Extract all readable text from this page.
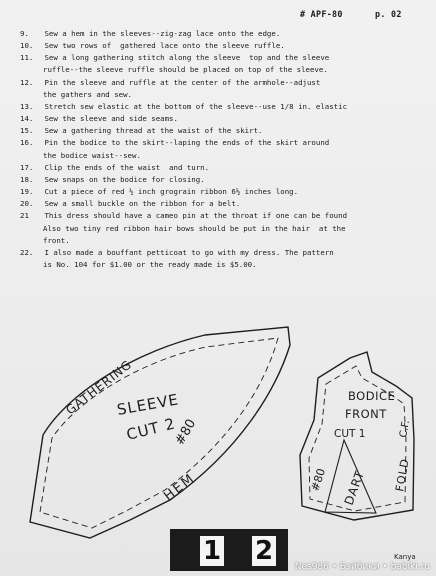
# APF-80	p. 02
9. Sew a hem in the sleeves--zig-zag lace onto the edge.
10. Sew two rows of  gathered lace onto the sleeve ruffle.
11. Sew a long gathering stitch along the sleeve  top and the sleeve
ruffle--the sleeve ruffle should be placed on top of the sleeve.
12. Pin the sleeve and ruffle at the center of the armhole--adjust
the gathers and sew.
13. Stretch sew elastic at the bottom of the sleeve--use 1/8 in. elastic
14. Sew the sleeve and side seams.
15. Sew a gathering thread at the waist of the skirt.
16. Pin the bodice to the skirt--laping the ends of the skirt around
the bodice waist--sew.
17. Clip the ends of the waist  and turn.
18. Sew snaps on the bodice for closing.
19. Cut a piece of red ½ inch grograin ribbon 6½ inches long.
20. Sew a small buckle on the ribbon for a belt.
21 This dress should have a cameo pin at the throat if one can be found
Also two tiny red ribbon hair bows should be put in the hair  at the
front.
22. I also made a bouffant petticoat to go with my dress. The pattern
is No. 104 for $1.00 or the ready made is $5.00.
GATHERING
SLEEVE
CUT 2
#80
HEM
BODICE
FRONT
CUT 1
#80 DART FOLD
C.F.
1 2	Kanya
Nes986 • Бэйбики • babiki.ru
